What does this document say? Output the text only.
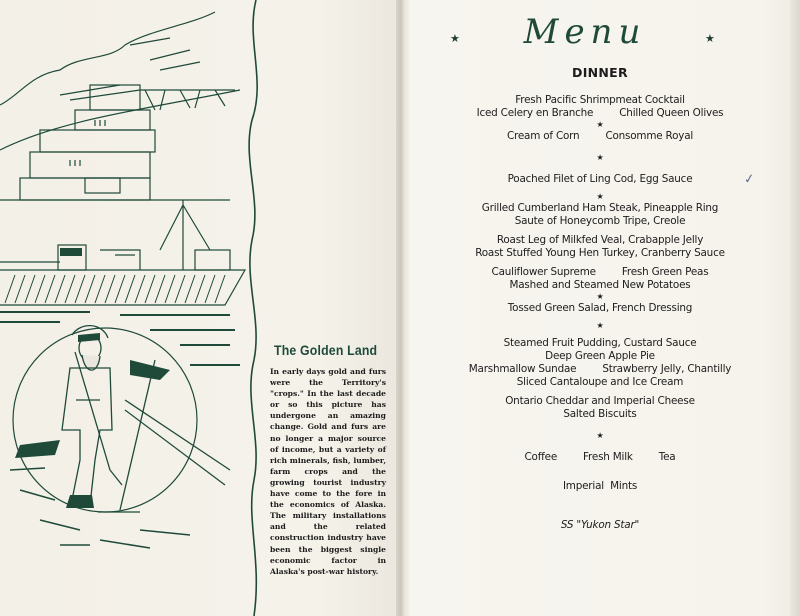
The Golden Land

In early days gold and furs were the Territory's "crops." In the last decade or so this picture has undergone an amazing change. Gold and furs are no longer a major source of income, but a variety of rich minerals, fish, lumber, farm crops and the growing tourist industry have come to the fore in the economics of Alaska. The military installations and the related construction industry have been the biggest single economic factor in Alaska's post-war history.

★	Menu	★
✓
DINNER
Fresh Pacific Shrimpmeat Cocktail
Iced Celery en Branche	Chilled Queen Olives
★
Cream of Corn	Consomme Royal
★
Poached Filet of Ling Cod, Egg Sauce
★
Grilled Cumberland Ham Steak, Pineapple Ring
Saute of Honeycomb Tripe, Creole
Roast Leg of Milkfed Veal, Crabapple Jelly
Roast Stuffed Young Hen Turkey, Cranberry Sauce
Cauliflower Supreme	Fresh Green Peas
Mashed and Steamed New Potatoes
★
Tossed Green Salad, French Dressing
★
Steamed Fruit Pudding, Custard Sauce
Deep Green Apple Pie
Marshmallow Sundae	Strawberry Jelly, Chantilly
Sliced Cantaloupe and Ice Cream
Ontario Cheddar and Imperial Cheese
Salted Biscuits
★
Coffee	Fresh Milk	Tea
Imperial  Mints
SS "Yukon Star"
